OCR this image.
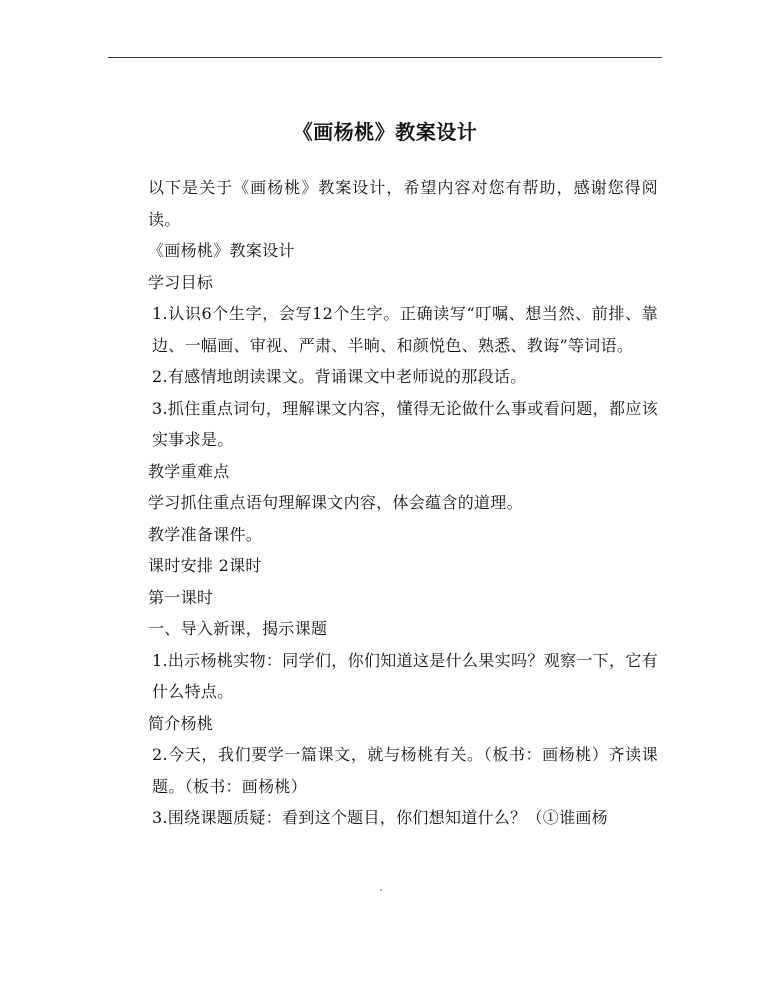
《画杨桃》教案设计

以下是关于《画杨桃》教案设计，希望内容对您有帮助，感谢您得阅读。

《画杨桃》教案设计

学习目标

1.认识6个生字，会写12个生字。正确读写“叮嘱、想当然、前排、靠边、一幅画、审视、严肃、半晌、和颜悦色、熟悉、教诲”等词语。

2.有感情地朗读课文。背诵课文中老师说的那段话。

3.抓住重点词句，理解课文内容，懂得无论做什么事或看问题，都应该实事求是。

教学重难点

学习抓住重点语句理解课文内容，体会蕴含的道理。

教学准备课件。

课时安排 2课时

第一课时

一、导入新课，揭示课题

1.出示杨桃实物：同学们，你们知道这是什么果实吗？观察一下，它有什么特点。

简介杨桃

2.今天，我们要学一篇课文，就与杨桃有关。（板书：画杨桃）齐读课题。（板书：画杨桃）

3.围绕课题质疑：看到这个题目，你们想知道什么？（①谁画杨
